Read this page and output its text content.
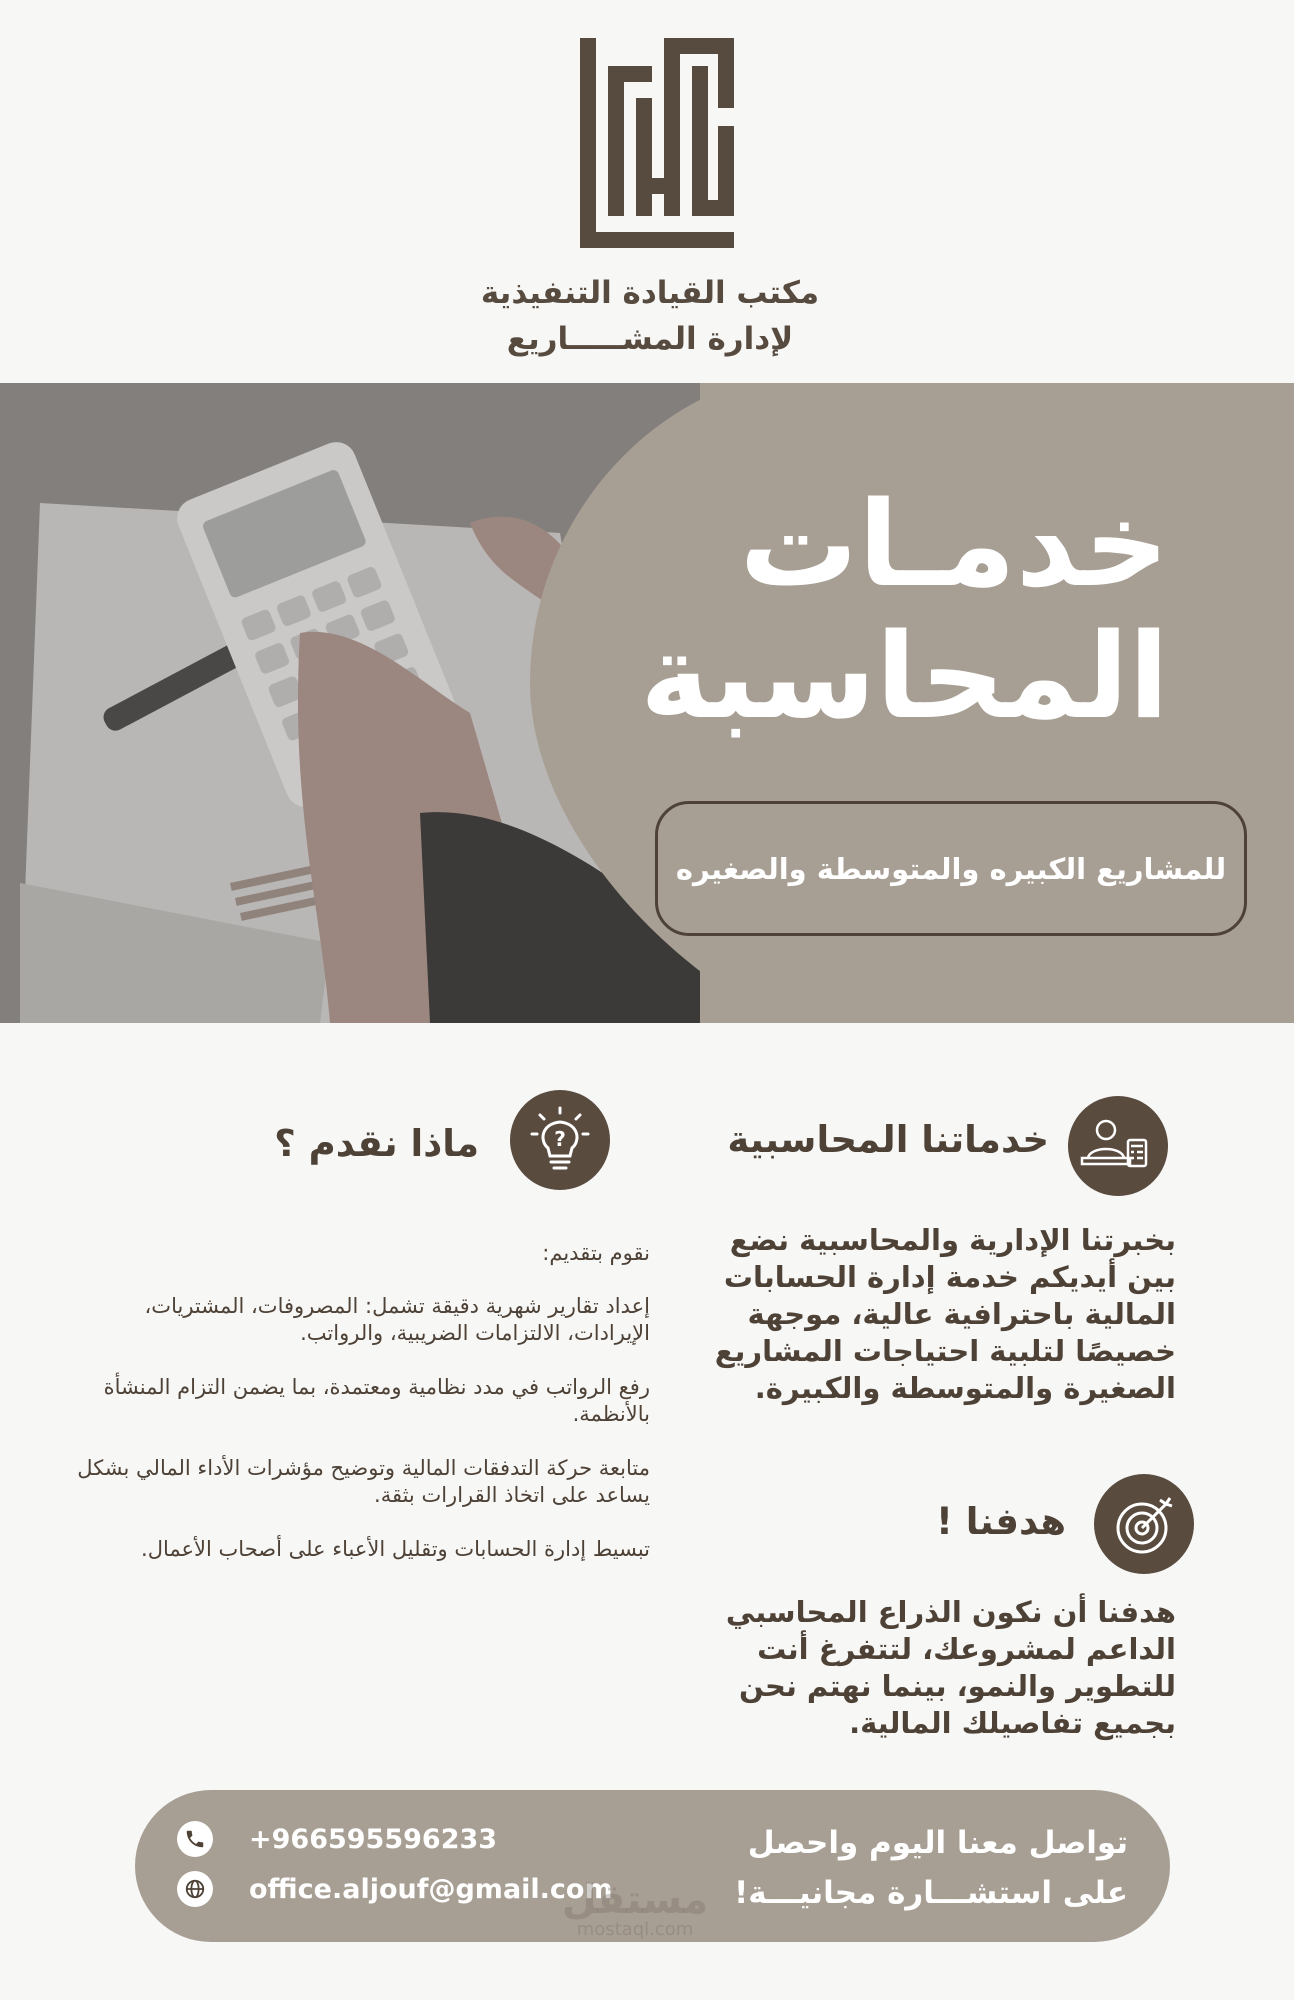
مكتب القيادة التنفيذية
لإدارة المشـــــاريع
خدمـات
المحاسبة
للمشاريع الكبيره والمتوسطة والصغيره
خدماتنا المحاسبية

بخبرتنا الإدارية والمحاسبية نضع بين أيديكم خدمة إدارة الحسابات المالية باحترافية عالية، موجهة خصيصًا لتلبية احتياجات المشاريع الصغيرة والمتوسطة والكبيرة.

هدفنا !

هدفنا أن نكون الذراع المحاسبي الداعم لمشروعك، لتتفرغ أنت للتطوير والنمو، بينما نهتم نحن بجميع تفاصيلك المالية.

?
ماذا نقدم ؟

نقوم بتقديم:

إعداد تقارير شهرية دقيقة تشمل: المصروفات، المشتريات، الإيرادات، الالتزامات الضريبية، والرواتب.

رفع الرواتب في مدد نظامية ومعتمدة، بما يضمن التزام المنشأة بالأنظمة.

متابعة حركة التدفقات المالية وتوضيح مؤشرات الأداء المالي بشكل يساعد على اتخاذ القرارات بثقة.

تبسيط إدارة الحسابات وتقليل الأعباء على أصحاب الأعمال.

تواصل معنا اليوم واحصل
على استشـــارة مجانيـــة!
+966595596233
office.aljouf@gmail.com
مستقل
mostaql.com
